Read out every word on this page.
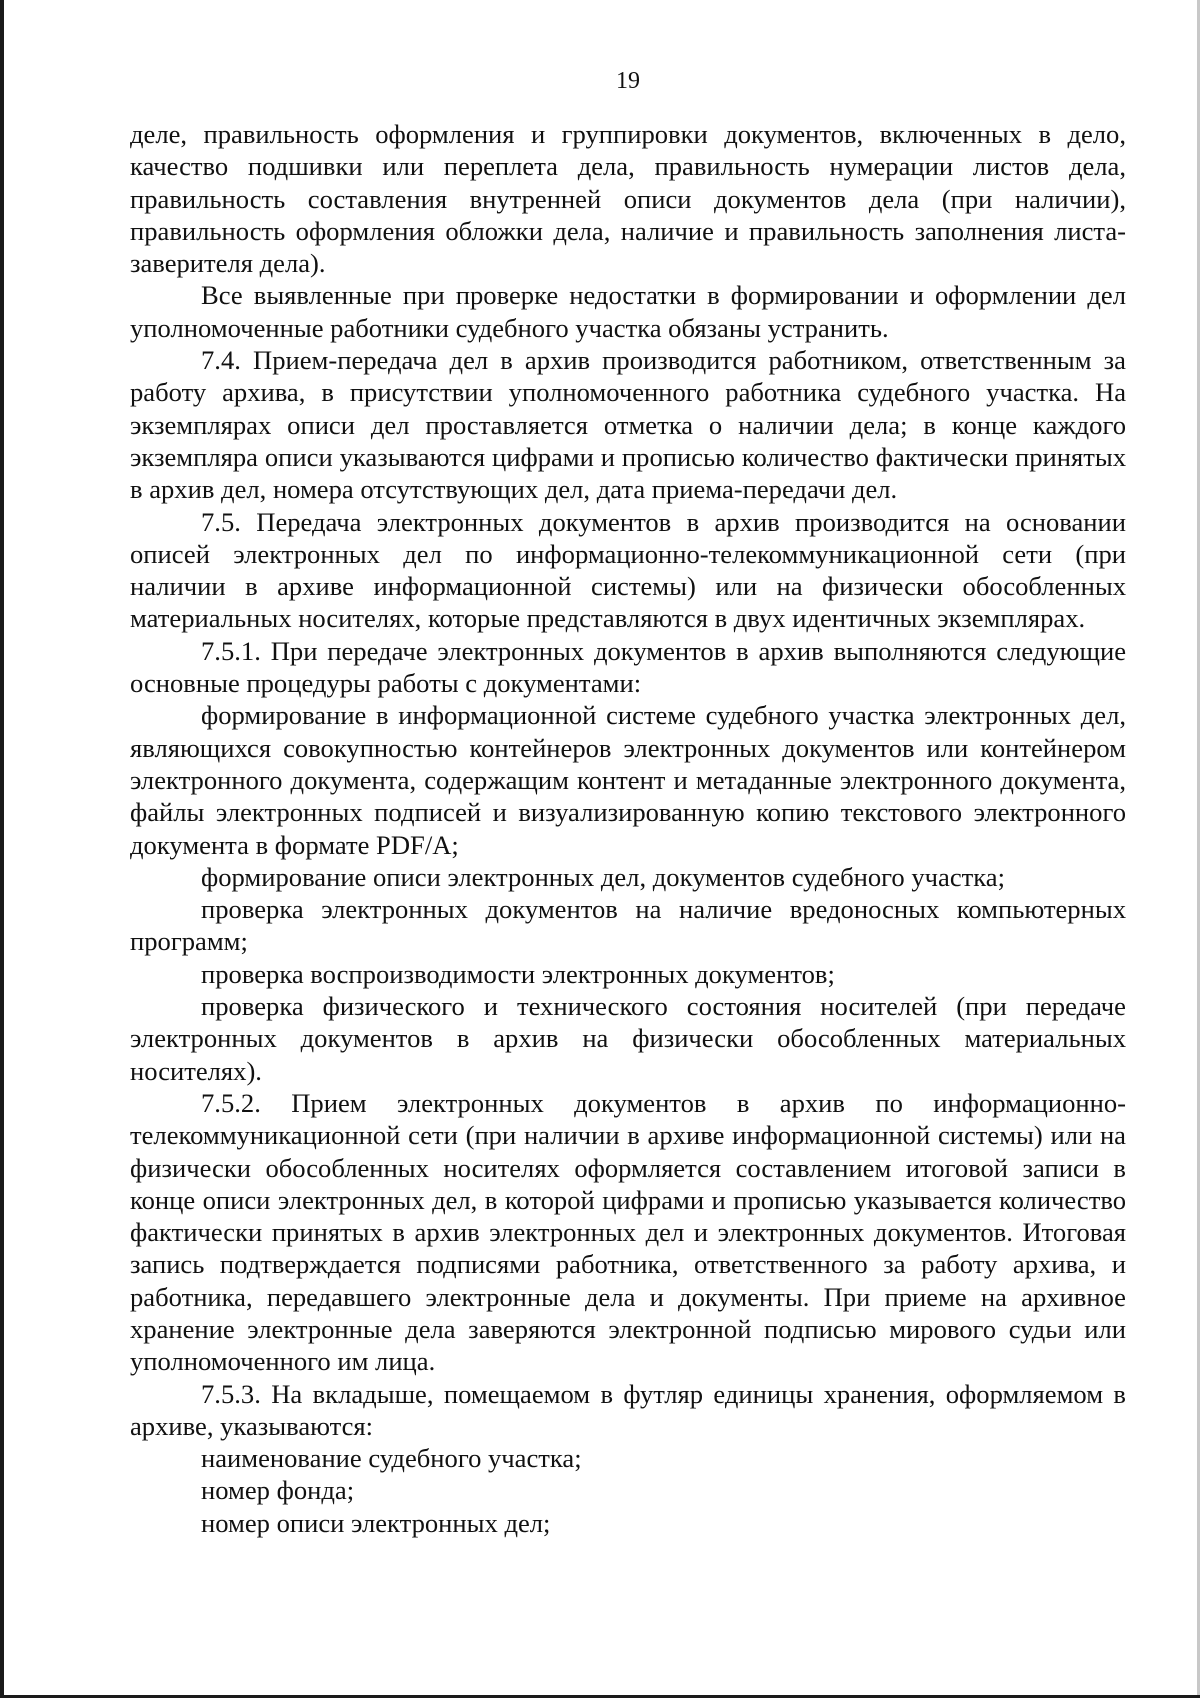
19

деле, правильность оформления и группировки документов, включенных в дело, качество подшивки или переплета дела, правильность нумерации листов дела, правильность составления внутренней описи документов дела (при наличии), правильность оформления обложки дела, наличие и правильность заполнения листа-заверителя дела).

Все выявленные при проверке недостатки в формировании и оформлении дел уполномоченные работники судебного участка обязаны устранить.

7.4. Прием-передача дел в архив производится работником, ответственным за работу архива, в присутствии уполномоченного работника судебного участка. На экземплярах описи дел проставляется отметка о наличии дела; в конце каждого экземпляра описи указываются цифрами и прописью количество фактически принятых в архив дел, номера отсутствующих дел, дата приема-передачи дел.

7.5. Передача электронных документов в архив производится на основании описей электронных дел по информационно-телекоммуникационной сети (при наличии в архиве информационной системы) или на физически обособленных материальных носителях, которые представляются в двух идентичных экземплярах.

7.5.1. При передаче электронных документов в архив выполняются следующие основные процедуры работы с документами:

формирование в информационной системе судебного участка электронных дел, являющихся совокупностью контейнеров электронных документов или контейнером электронного документа, содержащим контент и метаданные электронного документа, файлы электронных подписей и визуализированную копию текстового электронного документа в формате PDF/A;

формирование описи электронных дел, документов судебного участка;

проверка электронных документов на наличие вредоносных компьютерных программ;

проверка воспроизводимости электронных документов;

проверка физического и технического состояния носителей (при передаче электронных документов в архив на физически обособленных материальных носителях).

7.5.2. Прием электронных документов в архив по информационно-телекоммуникационной сети (при наличии в архиве информационной системы) или на физически обособленных носителях оформляется составлением итоговой записи в конце описи электронных дел, в которой цифрами и прописью указывается количество фактически принятых в архив электронных дел и электронных документов. Итоговая запись подтверждается подписями работника, ответственного за работу архива, и работника, передавшего электронные дела и документы. При приеме на архивное хранение электронные дела заверяются электронной подписью мирового судьи или уполномоченного им лица.

7.5.3. На вкладыше, помещаемом в футляр единицы хранения, оформляемом в архиве, указываются:

наименование судебного участка;

номер фонда;

номер описи электронных дел;
